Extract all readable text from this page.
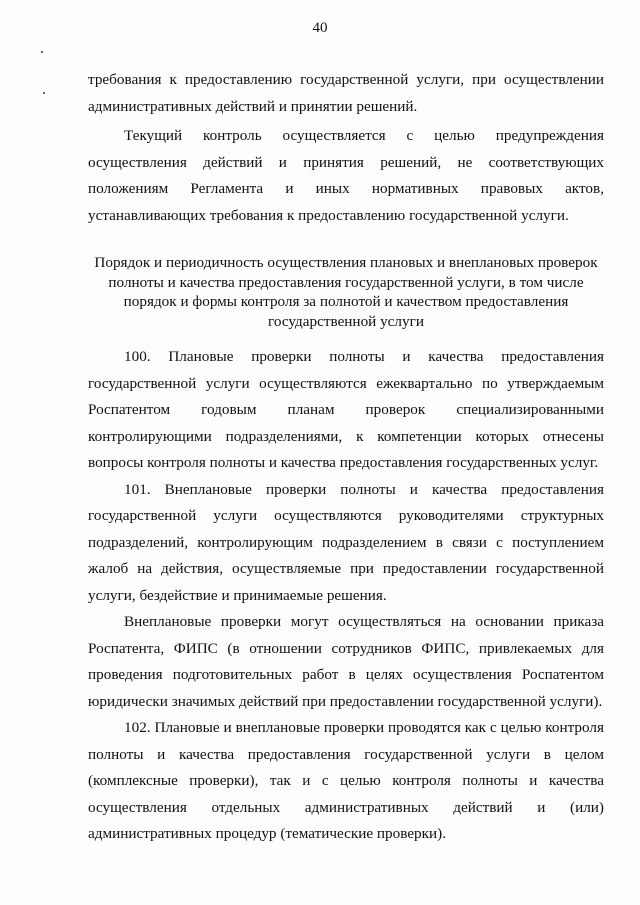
40

требования к предоставлению государственной услуги, при осуществлении административных действий и принятии решений.

Текущий контроль осуществляется с целью предупреждения осуществления действий и принятия решений, не соответствующих положениям Регламента и иных нормативных правовых актов, устанавливающих требования к предоставлению государственной услуги.

Порядок и периодичность осуществления плановых и внеплановых проверок полноты и качества предоставления государственной услуги, в том числе порядок и формы контроля за полнотой и качеством предоставления государственной услуги

100. Плановые проверки полноты и качества предоставления государственной услуги осуществляются ежеквартально по утверждаемым Роспатентом годовым планам проверок специализированными контролирующими подразделениями, к компетенции которых отнесены вопросы контроля полноты и качества предоставления государственных услуг.

101. Внеплановые проверки полноты и качества предоставления государственной услуги осуществляются руководителями структурных подразделений, контролирующим подразделением в связи с поступлением жалоб на действия, осуществляемые при предоставлении государственной услуги, бездействие и принимаемые решения.

Внеплановые проверки могут осуществляться на основании приказа Роспатента, ФИПС (в отношении сотрудников ФИПС, привлекаемых для проведения подготовительных работ в целях осуществления Роспатентом юридически значимых действий при предоставлении государственной услуги).

102. Плановые и внеплановые проверки проводятся как с целью контроля полноты и качества предоставления государственной услуги в целом (комплексные проверки), так и с целью контроля полноты и качества осуществления отдельных административных действий и (или) административных процедур (тематические проверки).
